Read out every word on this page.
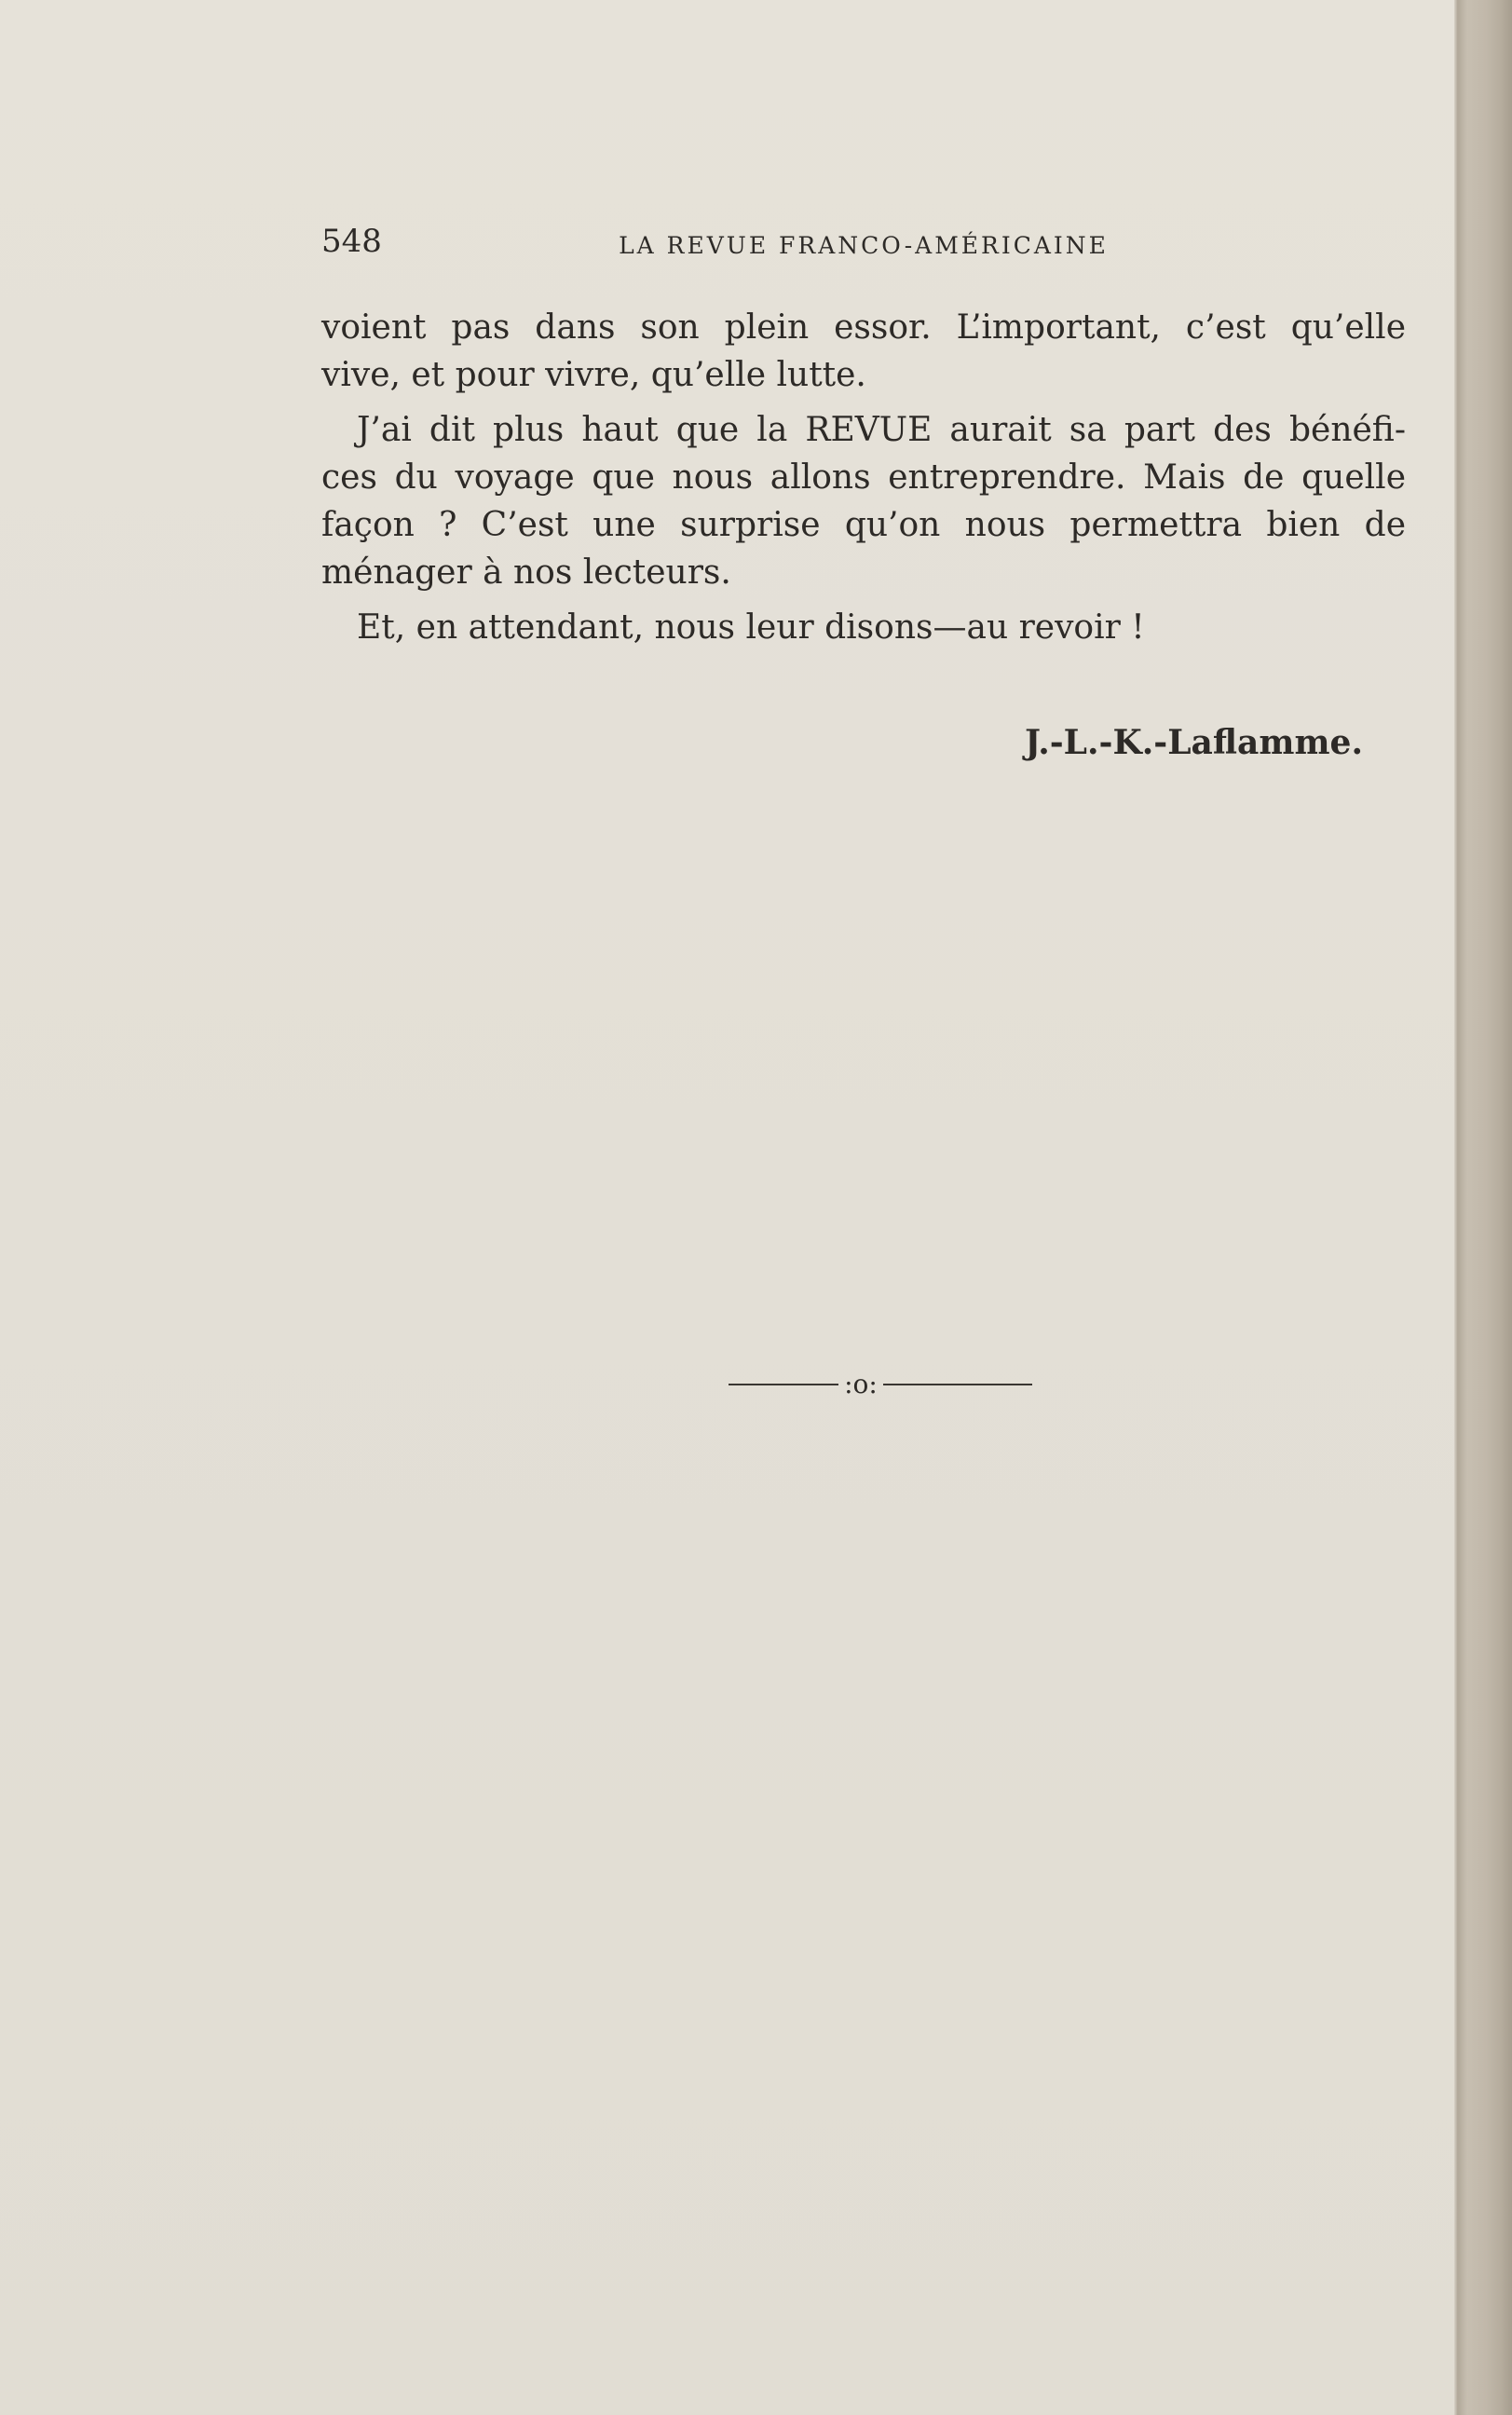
548	LA REVUE FRANCO-AMÉRICAINE
voient pas dans son plein essor. L’important, c’est qu’elle
vive, et pour vivre, qu’elle lutte.
J’ai dit plus haut que la REVUE aurait sa part des bénéfi-
ces du voyage que nous allons entreprendre. Mais de quelle
façon ? C’est une surprise qu’on nous permettra bien de
ménager à nos lecteurs.
Et, en attendant, nous leur disons—au revoir !
J.-L.-K.-Laflamme.
:o:
